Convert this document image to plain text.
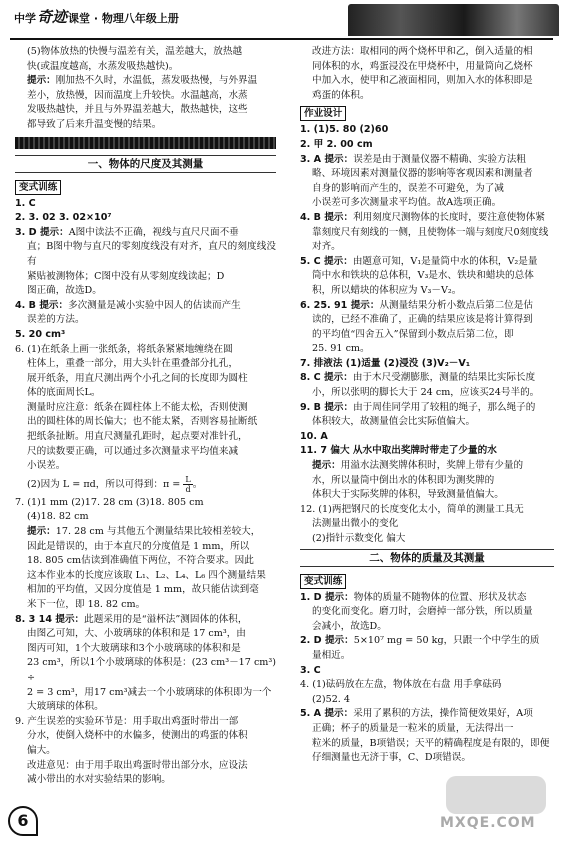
中学奇迹课堂 · 物理八年级上册

(5)物体放热的快慢与温差有关，温差越大，放热越

快(或温度越高，水蒸发吸热越快)。

提示：刚加热不久时，水温低，蒸发吸热慢，与外界温

差小，放热慢，因而温度上升较快。水温越高，水蒸

发吸热越快，并且与外界温差越大，散热越快，这些

都导致了后来升温变慢的结果。

一、物体的尺度及其测量
变式训练

1. C

2. 3. 02 3. 02×10⁷

3. D 提示：A图中读法不正确，视线与直尺尺面不垂

直；B图中物与直尺的零刻度线没有对齐，直尺的刻度线没有

紧贴被测物体；C图中没有从零刻度线读起；D

图正确，故选D。

4. B 提示：多次测量是减小实验中因人的估读而产生

误差的方法。

5. 20 cm³

6. (1)在纸条上画一张纸条，将纸条紧紧地缠绕在圆

柱体上，重叠一部分，用大头针在重叠部分扎孔，

展开纸条，用直尺测出两个小孔之间的长度即为圆柱

体的底面周长L。

测量时应注意：纸条在圆柱体上不能太松，否则使测

出的圆柱体的周长偏大；也不能太紧，否则容易扯断纸

把纸条扯断。用直尺测量孔距时，起点要对准针孔，

尺的读数要正确，可以通过多次测量求平均值来减

小误差。

(2)因为 L = πd，所以可得到：$\pi = \frac{L}{d}$ 。

7. (1)1 mm (2)17. 28 cm (3)18. 805 cm

(4)18. 82 cm

提示：17. 28 cm 与其他五个测量结果比较相差较大，

因此是错误的，由于本直尺的分度值是 1 mm，所以

18. 805 cm估读到准确值下两位，不符合要求。因此

这本作业本的长度应该取 L₁、L₂、L₄、L₆ 四个测量结果

相加的平均值，又因分度值是 1 mm，故只能估读到毫

米下一位，即 18. 82 cm。

8. 3 14 提示：此题采用的是“溢杯法”测固体的体积，

由图乙可知，大、小玻璃球的体积和是 17 cm³，由

图丙可知，1个大玻璃球和3个小玻璃球的体积和是

23 cm³，所以1个小玻璃球的体积是：(23 cm³－17 cm³) ÷

2 = 3 cm³，用17 cm³减去一个小玻璃球的体积即为一个

大玻璃球的体积。

9. 产生误差的实验环节是：用手取出鸡蛋时带出一部

分水，使倒入烧杯中的水偏多，使测出的鸡蛋的体积

偏大。

改进意见：由于用手取出鸡蛋时带出部分水，应设法

减小带出的水对实验结果的影响。

改进方法：取相同的两个烧杯甲和乙，倒入适量的相

同体积的水，鸡蛋浸没在甲烧杯中，用量筒向乙烧杯

中加入水，使甲和乙液面相同，则加入水的体积即是

鸡蛋的体积。

作业设计

1. (1)5. 80 (2)60

2. 甲 2. 00 cm

3. A 提示：误差是由于测量仪器不精确、实验方法粗

略、环境因素对测量仪器的影响等客观因素和测量者

自身的影响而产生的，误差不可避免，为了减

小误差可多次测量求平均值。故A选项正确。

4. B 提示：利用刻度尺测物体的长度时，要注意使物体紧

靠刻度尺有刻线的一侧，且使物体一端与刻度尺0刻度线

对齐。

5. C 提示：由题意可知，V₁是量筒中水的体积，V₂是量

筒中水和铁块的总体积，V₃是水、铁块和蜡块的总体

积，所以蜡块的体积应为 V₃－V₂。

6. 25. 91 提示：从测量结果分析小数点后第二位是估

读的，已经不准确了，正确的结果应该是将计算得到

的平均值“四舍五入”保留到小数点后第二位，即

25. 91 cm。

7. 排液法 (1)适量 (2)浸没 (3)V₂－V₁

8. C 提示：由于木尺受潮膨胀，测量的结果比实际长度

小，所以张明的脚长大于 24 cm，应该买24号半的。

9. B 提示：由于周佳同学用了较粗的绳子，那么绳子的

体积较大，故测量值会比实际值偏大。

10. A

11. 7 偏大 从水中取出奖牌时带走了少量的水

提示：用溢水法测奖牌体积时，奖牌上带有少量的

水，所以量筒中倒出水的体积即为测奖牌的

体积大于实际奖牌的体积，导致测量值偏大。

12. (1)两把钢尺的长度变化太小，简单的测量工具无

法测量出微小的变化

(2)指针示数变化 偏大

二、物体的质量及其测量
变式训练

1. D 提示：物体的质量不随物体的位置、形状及状态

的变化而变化。磨刀时，会磨掉一部分铁，所以质量

会减小，故选D。

2. D 提示：5×10⁷ mg = 50 kg，只跟一个中学生的质

量相近。

3. C

4. (1)砝码放在左盘，物体放在右盘 用手拿砝码

(2)52. 4

5. A 提示：采用了累积的方法，操作简便效果好，A项

正确；杯子的质量是一粒米的质量，无法得出一

粒米的质量，B项错误；天平的精确程度是有限的，即便

仔细测量也无济于事，C、D项错误。

6	MXQE.COM
